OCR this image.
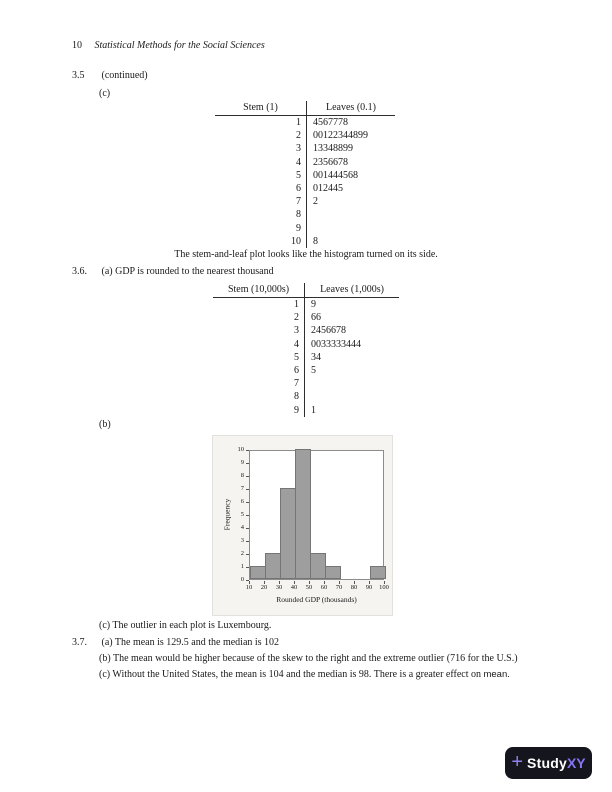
10 Statistical Methods for the Social Sciences
3.5 (continued)
(c)
Stem (1)	Leaves (0.1)
1	4567778
2	00122344899
3	13348899
4	2356678
5	001444568
6	012445
7	2
8
9
10	8
The stem-and-leaf plot looks like the histogram turned on its side.
3.6. (a) GDP is rounded to the nearest thousand
Stem (10,000s)	Leaves (1,000s)
1	9
2	66
3	2456678
4	0033333444
5	34
6	5
7
8
9	1
(b)
Rounded GDP (thousands)
Frequency
0
1
2
3
4
5
6
7
8
9
10
10	20	30	40	50	60	70	80	90	100
(c) The outlier in each plot is Luxembourg.
3.7. (a) The mean is 129.5 and the median is 102
(b) The mean would be higher because of the skew to the right and the extreme outlier (716 for the U.S.)
(c) Without the United States, the mean is 104 and the median is 98. There is a greater effect on mean.
+ StudyXY
